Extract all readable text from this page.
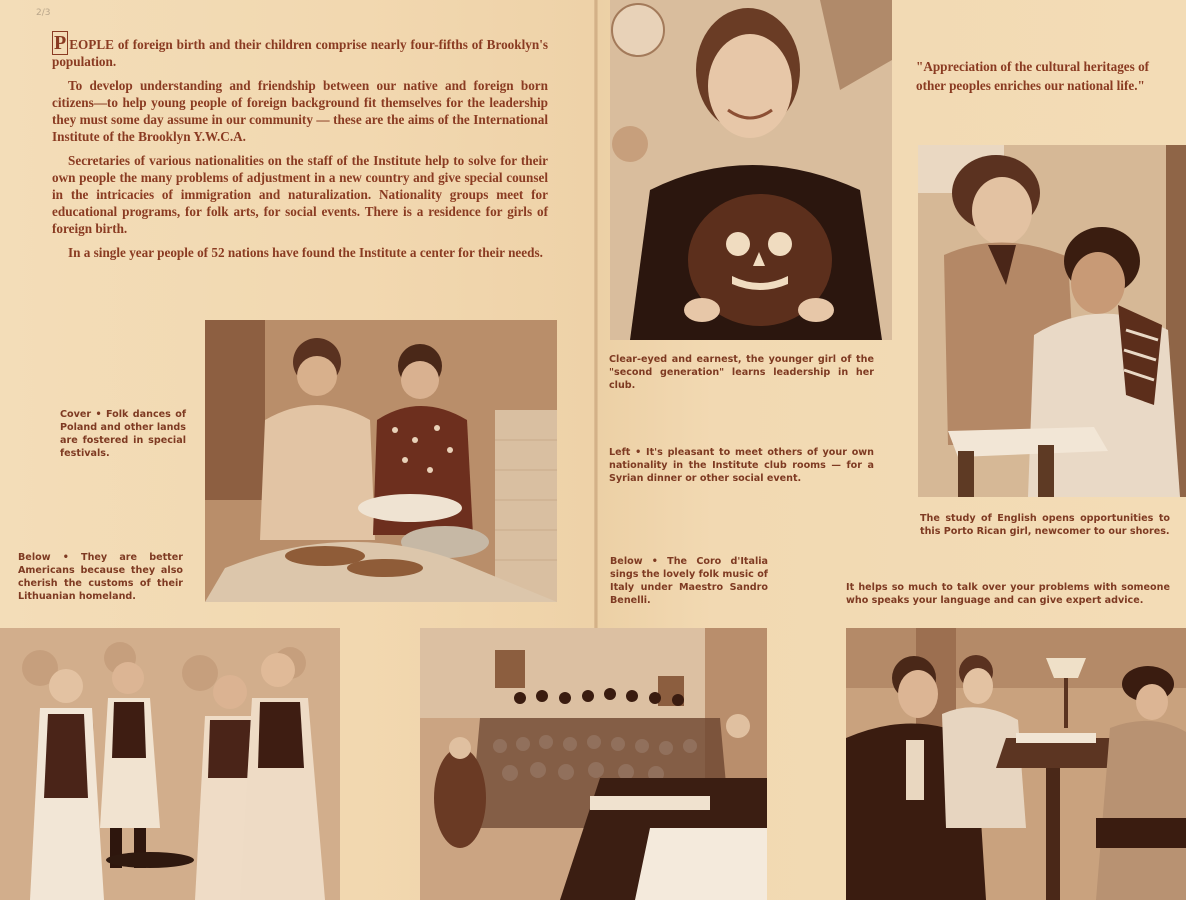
2/3

P EOPLE of foreign birth and their children comprise nearly four-fifths of Brooklyn's population.

To develop understanding and friendship between our native and foreign born citizens—to help young people of foreign background fit themselves for the leadership they must some day assume in our community — these are the aims of the International Institute of the Brooklyn Y.W.C.A.

Secretaries of various nationalities on the staff of the Institute help to solve for their own people the many problems of adjustment in a new country and give special counsel in the intricacies of immigration and naturalization. Nationality groups meet for educational programs, for folk arts, for social events. There is a residence for girls of foreign birth.

In a single year people of 52 nations have found the Institute a center for their needs.

Cover • Folk dances of Poland and other lands are fostered in special festivals.
Below • They are better Americans because they also cherish the customs of their Lithuanian homeland.
Clear-eyed and earnest, the younger girl of the "second generation" learns leadership in her club.
Left • It's pleasant to meet others of your own nationality in the Institute club rooms — for a Syrian dinner or other social event.
Below • The Coro d'Italia sings the lovely folk music of Italy under Maestro Sandro Benelli.
"Appreciation of the cultural heritages of other peoples enriches our national life."
The study of English opens opportunities to this Porto Rican girl, newcomer to our shores.
It helps so much to talk over your problems with someone who speaks your language and can give expert advice.
